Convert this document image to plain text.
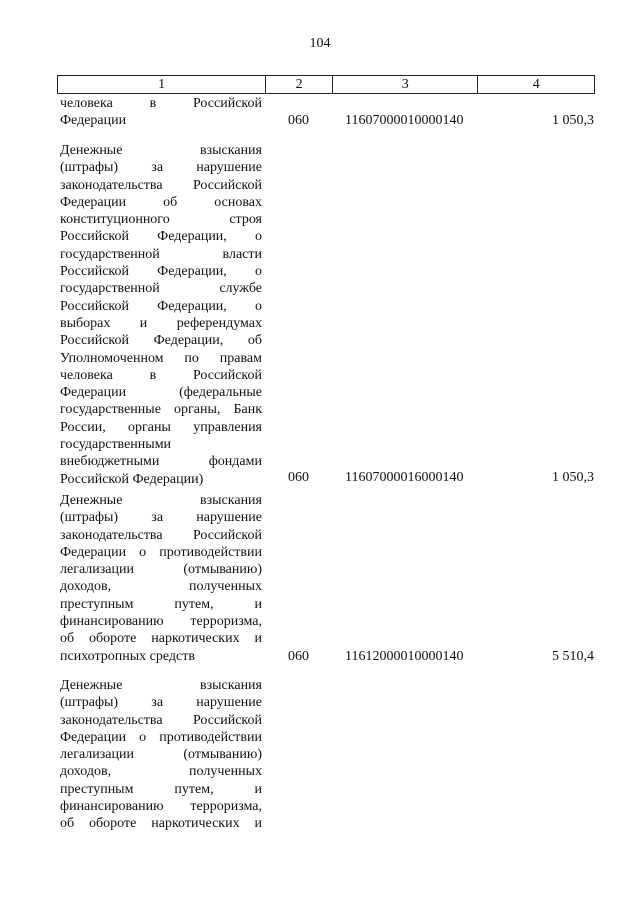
104
1	2	3	4
человека в Российской
Федерации	060	11607000010000140	1 050,3
Денежные взыскания
(штрафы) за нарушение
законодательства Российской
Федерации об основах
конституционного строя
Российской Федерации, о
государственной власти
Российской Федерации, о
государственной службе
Российской Федерации, о
выборах и референдумах
Российской Федерации, об
Уполномоченном по правам
человека в Российской
Федерации (федеральные
государственные органы, Банк
России, органы управления
государственными
внебюджетными фондами
Российской Федерации)	060	11607000016000140	1 050,3
Денежные взыскания
(штрафы) за нарушение
законодательства Российской
Федерации о противодействии
легализации (отмыванию)
доходов, полученных
преступным путем, и
финансированию терроризма,
об обороте наркотических и
психотропных средств	060	11612000010000140	5 510,4
Денежные взыскания
(штрафы) за нарушение
законодательства Российской
Федерации о противодействии
легализации (отмыванию)
доходов, полученных
преступным путем, и
финансированию терроризма,
об обороте наркотических и
